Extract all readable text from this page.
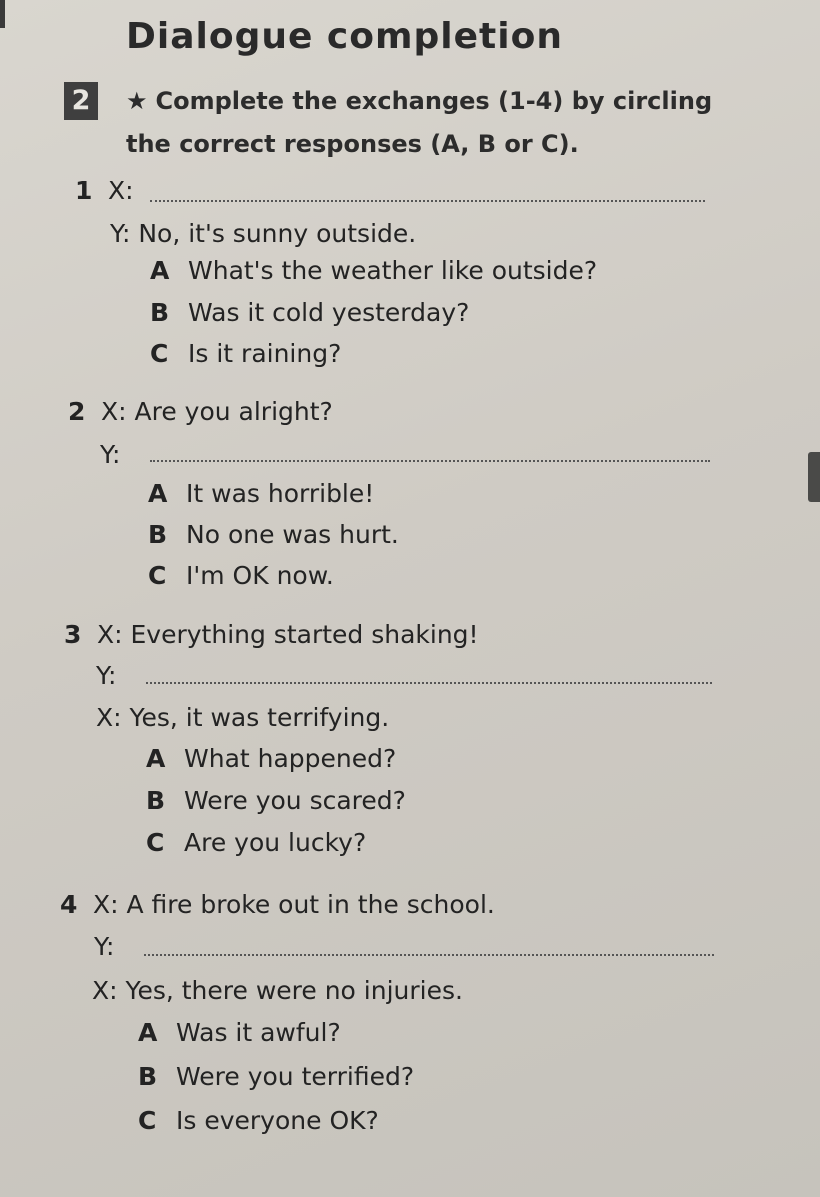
Dialogue completion
2	★ Complete the exchanges (1-4) by circling the correct responses (A, B or C).
1 X:
Y: No, it's sunny outside.
A What's the weather like outside?
B Was it cold yesterday?
C Is it raining?
2 X: Are you alright?
Y:
A It was horrible!
B No one was hurt.
C I'm OK now.
3 X: Everything started shaking!
Y:
X: Yes, it was terrifying.
A What happened?
B Were you scared?
C Are you lucky?
4 X: A fire broke out in the school.
Y:
X: Yes, there were no injuries.
A Was it awful?
B Were you terrified?
C Is everyone OK?
